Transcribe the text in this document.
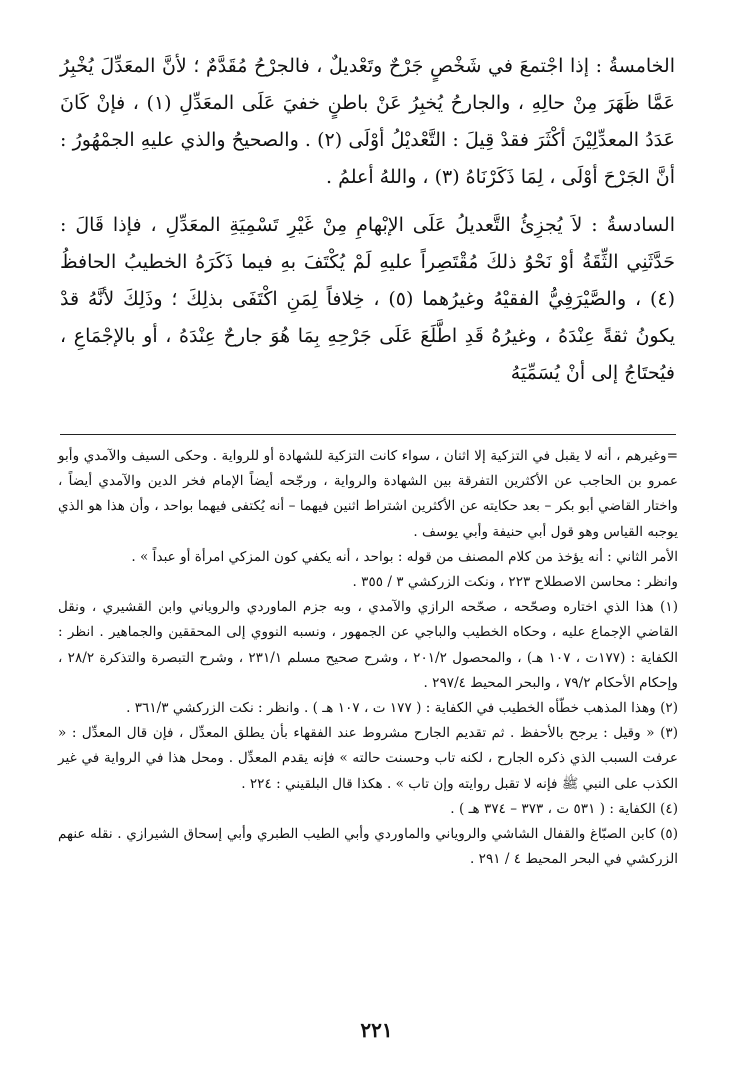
الخامسةُ : إذا اجْتمعَ في شَخْصٍ جَرْحٌ وتَعْديلٌ ، فالجرْحُ مُقَدَّمٌ ؛ لأنَّ المعَدِّلَ يُخْبِرُ عَمَّا ظَهَرَ مِنْ حالِهِ ، والجارحُ يُخبِرُ عَنْ باطنٍ خفيَ عَلَى المعَدِّلِ (١) ، فإنْ كَانَ عَدَدُ المعدِّلِيْنَ أكْثَرَ فقدْ قِيلَ : التَّعْديْلُ أوْلَى (٢) . والصحيحُ والذي عليهِ الجمْهُورُ : أنَّ الجَرْحَ أوْلَى ، لِمَا ذَكَرْنَاهُ (٣) ، واللهُ أعلمُ .

السادسةُ : لاَ يُجزِئُ التَّعديلُ عَلَى الإبْهامِ مِنْ غَيْرِ تَسْمِيَةِ المعَدِّلِ ، فإذا قَالَ : حَدَّثَنِي الثِّقَةُ أوْ نَحْوُ ذلكَ مُقْتَصِراً عليهِ لَمْ يُكْتَفَ بهِ فيما ذَكَرَهُ الخطيبُ الحافظُ (٤) ، والصَّيْرَفِيُّ الفقيْهُ وغيرُهما (٥) ، خِلافاً لِمَنِ اكْتَفَى بذلِكَ ؛ وذَلِكَ لأنَّهُ قدْ يكونُ ثقةً عِنْدَهُ ، وغيرُهُ قَدِ اطَّلَعَ عَلَى جَرْحِهِ بِمَا هُوَ جارحٌ عِنْدَهُ ، أو بالإجْمَاعِ ، فيُحتَاجُ إلى أنْ يُسَمِّيَهُ

=وغيرهم ، أنه لا يقبل في التزكية إلا اثنان ، سواء كانت التزكية للشهادة أو للرواية . وحكى السيف والآمدي وأبو عمرو بن الحاجب عن الأكثرين التفرقة بين الشهادة والرواية ، ورجّحه أيضاً الإمام فخر الدين والآمدي أيضاً ، واختار القاضي أبو بكر – بعد حكايته عن الأكثرين اشتراط اثنين فيهما – أنه يُكتفى فيهما بواحد ، وأن هذا هو الذي يوجبه القياس وهو قول أبي حنيفة وأبي يوسف .

الأمر الثاني : أنه يؤخذ من كلام المصنف من قوله : بواحد ، أنه يكفي كون المزكي امرأة أو عبداً » .

وانظر : محاسن الاصطلاح ٢٢٣ ، ونكت الزركشي ٣ / ٣٥٥ .

(١) هذا الذي اختاره وصحّحه ، صحّحه الرازي والآمدي ، وبه جزم الماوردي والروياني وابن القشيري ، ونقل القاضي الإجماع عليه ، وحكاه الخطيب والباجي عن الجمهور ، ونسبه النووي إلى المحققين والجماهير . انظر : الكفاية : (١٧٧ت ، ١٠٧ هـ) ، والمحصول ٢٠١/٢ ، وشرح صحيح مسلم ٢٣١/١ ، وشرح التبصرة والتذكرة ٢٨/٢ ، وإحكام الأحكام ٧٩/٢ ، والبحر المحيط ٢٩٧/٤ .

(٢) وهذا المذهب خطّأه الخطيب في الكفاية : ( ١٧٧ ت ، ١٠٧ هـ ) . وانظر : نكت الزركشي ٣٦١/٣ .

(٣) « وقيل : يرجح بالأحفظ . ثم تقديم الجارح مشروط عند الفقهاء بأن يطلق المعدِّل ، فإن قال المعدِّل : « عرفت السبب الذي ذكره الجارح ، لكنه تاب وحسنت حالته » فإنه يقدم المعدِّل . ومحل هذا في الرواية في غير الكذب على النبي ﷺ فإنه لا تقبل روايته وإن تاب » . هكذا قال البلقيني : ٢٢٤ .

(٤) الكفاية : ( ٥٣١ ت ، ٣٧٣ – ٣٧٤ هـ ) .

(٥) كابن الصبّاغ والقفال الشاشي والروياني والماوردي وأبي الطيب الطبري وأبي إسحاق الشيرازي . نقله عنهم الزركشي في البحر المحيط ٤ / ٢٩١ .

٢٢١
